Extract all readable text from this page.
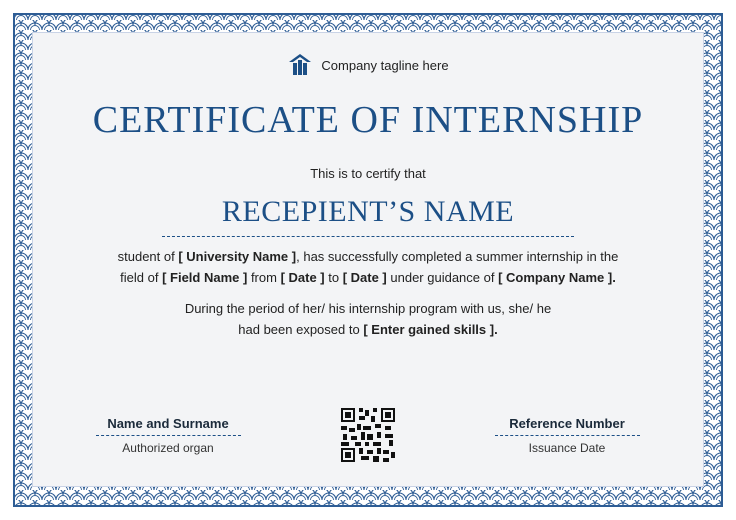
Company tagline here
CERTIFICATE OF INTERNSHIP
This is to certify that
RECEPIENT’S NAME
student of [ University Name ], has successfully completed a summer internship in the
field of [ Field Name ] from [ Date ] to [ Date ] under guidance of [ Company Name ].
During the period of her/ his internship program with us, she/ he
had been exposed to [ Enter gained skills ].
Name and Surname
Authorized organ
Reference Number
Issuance Date
